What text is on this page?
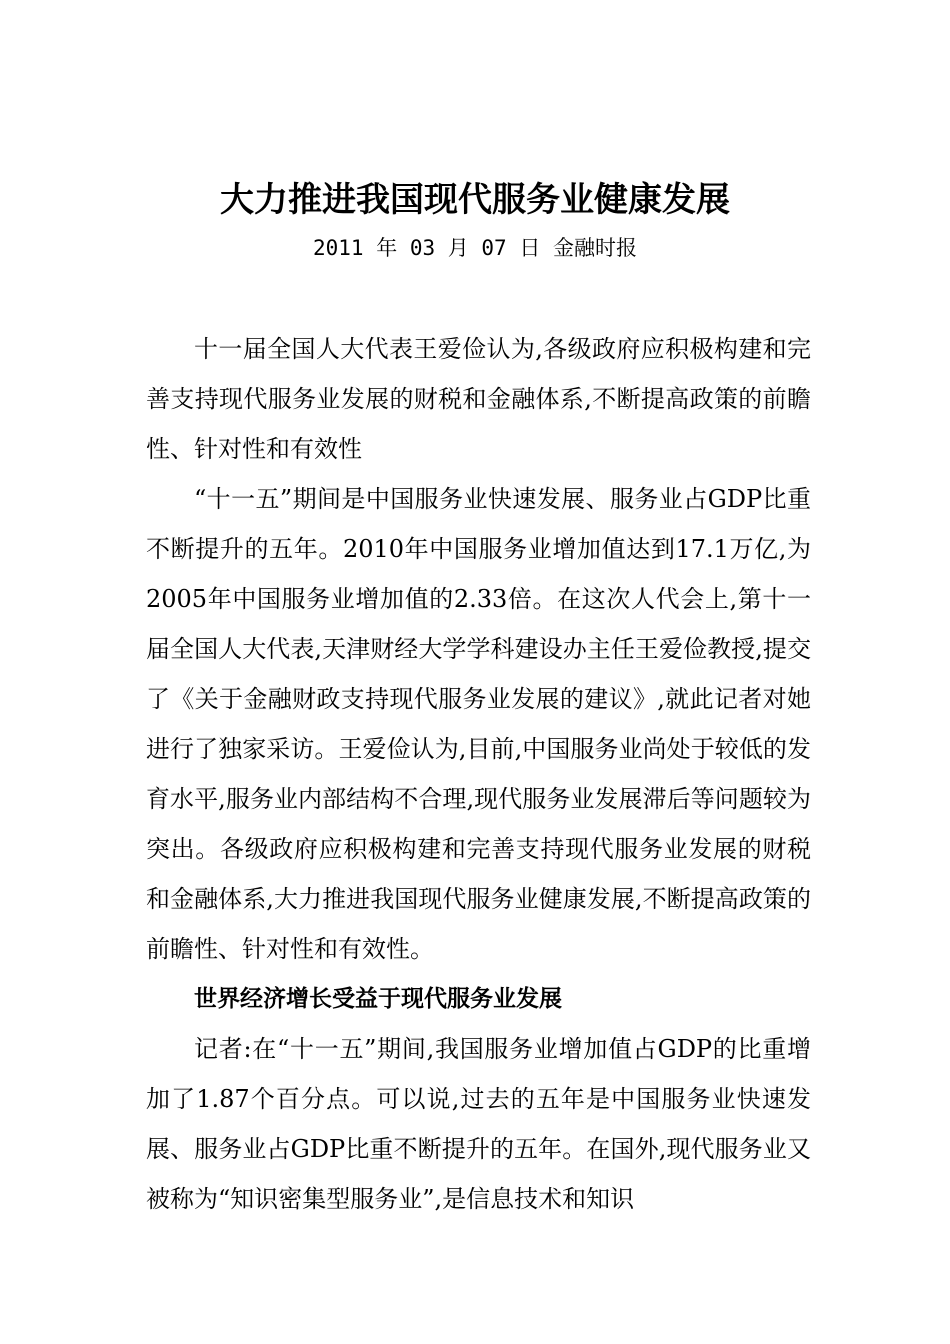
大力推进我国现代服务业健康发展
2011 年 03 月 07 日 金融时报

十一届全国人大代表王爱俭认为,各级政府应积极构建和完善支持现代服务业发展的财税和金融体系,不断提高政策的前瞻性、针对性和有效性

“十一五”期间是中国服务业快速发展、服务业占GDP比重不断提升的五年。2010年中国服务业增加值达到17.1万亿,为2005年中国服务业增加值的2.33倍。在这次人代会上,第十一届全国人大代表,天津财经大学学科建设办主任王爱俭教授,提交了《关于金融财政支持现代服务业发展的建议》,就此记者对她进行了独家采访。王爱俭认为,目前,中国服务业尚处于较低的发育水平,服务业内部结构不合理,现代服务业发展滞后等问题较为突出。各级政府应积极构建和完善支持现代服务业发展的财税和金融体系,大力推进我国现代服务业健康发展,不断提高政策的前瞻性、针对性和有效性。

世界经济增长受益于现代服务业发展

记者:在“十一五”期间,我国服务业增加值占GDP的比重增加了1.87个百分点。可以说,过去的五年是中国服务业快速发展、服务业占GDP比重不断提升的五年。在国外,现代服务业又被称为“知识密集型服务业”,是信息技术和知识
